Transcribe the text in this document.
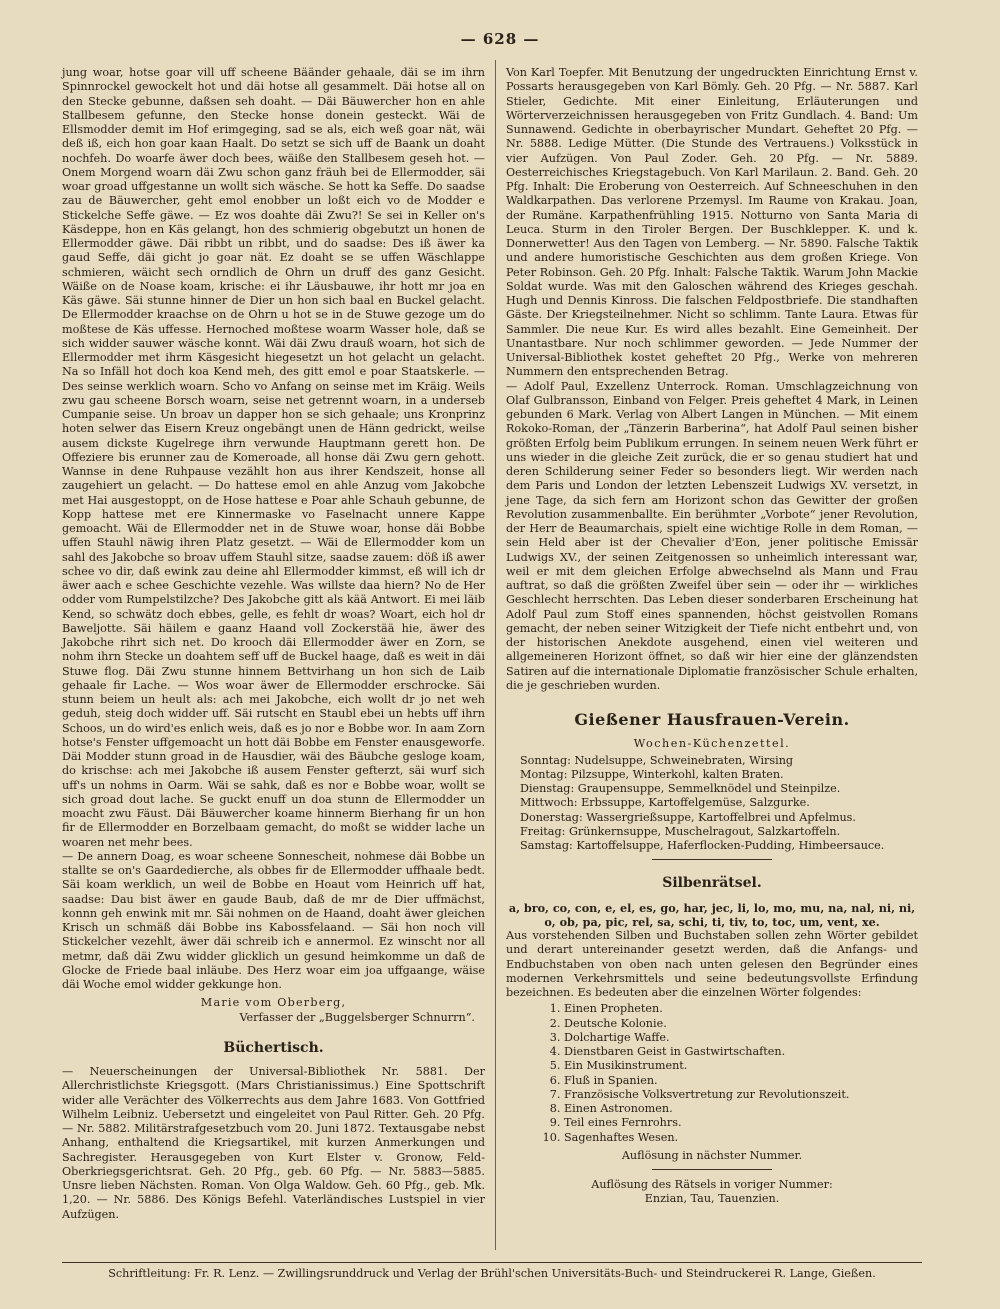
— 628 —

jung woar, hotse goar vill uff scheene Bäänder gehaale, däi se im ihrn Spinnrockel gewockelt hot und däi hotse all gesammelt. Däi hotse all on den Stecke gebunne, daßsen seh doaht. — Däi Bäuwercher hon en ahle Stallbesem gefunne, den Stecke honse donein gesteckt. Wäi de Ellsmodder demit im Hof erimgeging, sad se als, eich weß goar nät, wäi deß iß, eich hon goar kaan Haalt. Do setzt se sich uff de Baank un doaht nochfeh. Do woarfe äwer doch bees, wäiße den Stallbesem geseh hot. — Onem Morgend woarn däi Zwu schon ganz fräuh bei de Ellermodder, säi woar groad uffgestanne un wollt sich wäsche. Se hott ka Seffe. Do saadse zau de Bäuwercher, geht emol enobber un loßt eich vo de Modder e Stickelche Seffe gäwe. — Ez wos doahte däi Zwu?! Se sei in Keller on's Käsdeppe, hon en Käs gelangt, hon des schmierig obgebutzt un honen de Ellermodder gäwe. Däi ribbt un ribbt, und do saadse: Des iß äwer ka gaud Seffe, däi gicht jo goar nät. Ez doaht se se uffen Wäschlappe schmieren, wäicht sech orndlich de Ohrn un druff des ganz Gesicht. Wäiße on de Noase koam, krische: ei ihr Läusbauwe, ihr hott mr joa en Käs gäwe. Säi stunne hinner de Dier un hon sich baal en Buckel gelacht. De Ellermodder kraachse on de Ohrn u hot se in de Stuwe gezoge um do moßtese de Käs uffesse. Hernoched moßtese woarm Wasser hole, daß se sich widder sauwer wäsche konnt. Wäi däi Zwu drauß woarn, hot sich de Ellermodder met ihrm Käsgesicht hiegesetzt un hot gelacht un gelacht. Na so Infäll hot doch koa Kend meh, des gitt emol e poar Staatskerle. — Des seinse werklich woarn. Scho vo Anfang on seinse met im Kräig. Weils zwu gau scheene Borsch woarn, seise net getrennt woarn, in a underseb Cumpanie seise. Un broav un dapper hon se sich gehaale; uns Kronprinz hoten selwer das Eisern Kreuz ongebängt unen de Hänn gedrickt, weilse ausem dickste Kugelrege ihrn verwunde Hauptmann gerett hon. De Offeziere bis erunner zau de Komeroade, all honse däi Zwu gern gehott. Wannse in dene Ruhpause vezählt hon aus ihrer Kendszeit, honse all zaugehiert un gelacht. — Do hattese emol en ahle Anzug vom Jakobche met Hai ausgestoppt, on de Hose hattese e Poar ahle Schauh gebunne, de Kopp hattese met ere Kinnermaske vo Faselnacht unnere Kappe gemoacht. Wäi de Ellermodder net in de Stuwe woar, honse däi Bobbe uffen Stauhl näwig ihren Platz gesetzt. — Wäi de Ellermodder kom un sahl des Jakobche so broav uffem Stauhl sitze, saadse zauem: döß iß awer schee vo dir, daß ewink zau deine ahl Ellermodder kimmst, eß will ich dr äwer aach e schee Geschichte vezehle. Was willste daa hiern? No de Her odder vom Rumpelstilzche? Des Jakobche gitt als kää Antwort. Ei mei läib Kend, so schwätz doch ebbes, gelle, es fehlt dr woas? Woart, eich hol dr Baweljotte. Säi häilem e gaanz Haand voll Zockerstää hie, äwer des Jakobche rihrt sich net. Do krooch däi Ellermodder äwer en Zorn, se nohm ihrn Stecke un doahtem seff uff de Buckel haage, daß es weit in däi Stuwe flog. Däi Zwu stunne hinnem Bettvirhang un hon sich de Laib gehaale fir Lache. — Wos woar äwer de Ellermodder erschrocke. Säi stunn beiem un heult als: ach mei Jakobche, eich wollt dr jo net weh geduh, steig doch widder uff. Säi rutscht en Staubl ebei un hebts uff ihrn Schoos, un do wird'es enlich weis, daß es jo nor e Bobbe wor. In aam Zorn hotse's Fenster uffgemoacht un hott däi Bobbe em Fenster enausgeworfe. Däi Modder stunn groad in de Hausdier, wäi des Bäubche gesloge koam, do krischse: ach mei Jakobche iß ausem Fenster gefterzt, säi wurf sich uff's un nohms in Oarm. Wäi se sahk, daß es nor e Bobbe woar, wollt se sich groad dout lache. Se guckt enuff un doa stunn de Ellermodder un moacht zwu Fäust. Däi Bäuwercher koame hinnerm Bierhang fir un hon fir de Ellermodder en Borzelbaam gemacht, do moßt se widder lache un woaren net mehr bees.

— De annern Doag, es woar scheene Sonnescheit, nohmese däi Bobbe un stallte se on's Gaardedierche, als obbes fir de Ellermodder uffhaale bedt. Säi koam werklich, un weil de Bobbe en Hoaut vom Heinrich uff hat, saadse: Dau bist äwer en gaude Baub, daß de mr de Dier uffmächst, konnn geh enwink mit mr. Säi nohmen on de Haand, doaht äwer gleichen Krisch un schmäß däi Bobbe ins Kabossfelaand. — Säi hon noch vill Stickelcher vezehlt, äwer däi schreib ich e annermol. Ez winscht nor all metmr, daß däi Zwu widder glicklich un gesund heimkomme un daß de Glocke de Friede baal inläube. Des Herz woar eim joa uffgaange, wäise däi Woche emol widder gekkunge hon.

Marie vom Oberberg,
Verfasser der „Buggelsberger Schnurrn“.
Büchertisch.

— Neuerscheinungen der Universal-Bibliothek Nr. 5881. Der Allerchristlichste Kriegsgott. (Mars Christianissimus.) Eine Spottschrift wider alle Verächter des Völkerrechts aus dem Jahre 1683. Von Gottfried Wilhelm Leibniz. Uebersetzt und eingeleitet von Paul Ritter. Geh. 20 Pfg. — Nr. 5882. Militärstrafgesetzbuch vom 20. Juni 1872. Textausgabe nebst Anhang, enthaltend die Kriegsartikel, mit kurzen Anmerkungen und Sachregister. Herausgegeben von Kurt Elster v. Gronow, Feld-Oberkriegsgerichtsrat. Geh. 20 Pfg., geb. 60 Pfg. — Nr. 5883—5885. Unsre lieben Nächsten. Roman. Von Olga Waldow. Geh. 60 Pfg., geb. Mk. 1,20. — Nr. 5886. Des Königs Befehl. Vaterländisches Lustspiel in vier Aufzügen.

Von Karl Toepfer. Mit Benutzung der ungedruckten Einrichtung Ernst v. Possarts herausgegeben von Karl Bömly. Geh. 20 Pfg. — Nr. 5887. Karl Stieler, Gedichte. Mit einer Einleitung, Erläuterungen und Wörterverzeichnissen herausgegeben von Fritz Gundlach. 4. Band: Um Sunnawend. Gedichte in oberbayrischer Mundart. Geheftet 20 Pfg. — Nr. 5888. Ledige Mütter. (Die Stunde des Vertrauens.) Volksstück in vier Aufzügen. Von Paul Zoder. Geh. 20 Pfg. — Nr. 5889. Oesterreichisches Kriegstagebuch. Von Karl Marilaun. 2. Band. Geh. 20 Pfg. Inhalt: Die Eroberung von Oesterreich. Auf Schneeschuhen in den Waldkarpathen. Das verlorene Przemysl. Im Raume von Krakau. Joan, der Rumäne. Karpathenfrühling 1915. Notturno von Santa Maria di Leuca. Sturm in den Tiroler Bergen. Der Buschklepper. K. und k. Donnerwetter! Aus den Tagen von Lemberg. — Nr. 5890. Falsche Taktik und andere humoristische Geschichten aus dem großen Kriege. Von Peter Robinson. Geh. 20 Pfg. Inhalt: Falsche Taktik. Warum John Mackie Soldat wurde. Was mit den Galoschen während des Krieges geschah. Hugh und Dennis Kinross. Die falschen Feldpostbriefe. Die standhaften Gäste. Der Kriegsteilnehmer. Nicht so schlimm. Tante Laura. Etwas für Sammler. Die neue Kur. Es wird alles bezahlt. Eine Gemeinheit. Der Unantastbare. Nur noch schlimmer geworden. — Jede Nummer der Universal-Bibliothek kostet geheftet 20 Pfg., Werke von mehreren Nummern den entsprechenden Betrag.

— Adolf Paul, Exzellenz Unterrock. Roman. Umschlagzeichnung von Olaf Gulbransson, Einband von Felger. Preis geheftet 4 Mark, in Leinen gebunden 6 Mark. Verlag von Albert Langen in München. — Mit einem Rokoko-Roman, der „Tänzerin Barberina“, hat Adolf Paul seinen bisher größten Erfolg beim Publikum errungen. In seinem neuen Werk führt er uns wieder in die gleiche Zeit zurück, die er so genau studiert hat und deren Schilderung seiner Feder so besonders liegt. Wir werden nach dem Paris und London der letzten Lebenszeit Ludwigs XV. versetzt, in jene Tage, da sich fern am Horizont schon das Gewitter der großen Revolution zusammenballte. Ein berühmter „Vorbote“ jener Revolution, der Herr de Beaumarchais, spielt eine wichtige Rolle in dem Roman, — sein Held aber ist der Chevalier d'Eon, jener politische Emissär Ludwigs XV., der seinen Zeitgenossen so unheimlich interessant war, weil er mit dem gleichen Erfolge abwechselnd als Mann und Frau auftrat, so daß die größten Zweifel über sein — oder ihr — wirkliches Geschlecht herrschten. Das Leben dieser sonderbaren Erscheinung hat Adolf Paul zum Stoff eines spannenden, höchst geistvollen Romans gemacht, der neben seiner Witzigkeit der Tiefe nicht entbehrt und, von der historischen Anekdote ausgehend, einen viel weiteren und allgemeineren Horizont öffnet, so daß wir hier eine der glänzendsten Satiren auf die internationale Diplomatie französischer Schule erhalten, die je geschrieben wurden.

Gießener Hausfrauen-Verein.
Wochen-Küchenzettel.
Sonntag: Nudelsuppe, Schweinebraten, Wirsing
Montag: Pilzsuppe, Winterkohl, kalten Braten.
Dienstag: Graupensuppe, Semmelknödel und Steinpilze.
Mittwoch: Erbssuppe, Kartoffelgemüse, Salzgurke.
Donerstag: Wassergrießsuppe, Kartoffelbrei und Apfelmus.
Freitag: Grünkernsuppe, Muschelragout, Salzkartoffeln.
Samstag: Kartoffelsuppe, Haferflocken-Pudding, Himbeersauce.
Silbenrätsel.

a, bro, co, con, e, el, es, go, har, jec, li, lo, mo, mu, na, nal, ni, ni, o, ob, pa, pic, rel, sa, schi, ti, tiv, to, toc, um, vent, xe.

Aus vorstehenden Silben und Buchstaben sollen zehn Wörter gebildet und derart untereinander gesetzt werden, daß die Anfangs- und Endbuchstaben von oben nach unten gelesen den Begründer eines modernen Verkehrsmittels und seine bedeutungsvollste Erfindung bezeichnen. Es bedeuten aber die einzelnen Wörter folgendes:

1. Einen Propheten.
2. Deutsche Kolonie.
3. Dolchartige Waffe.
4. Dienstbaren Geist in Gastwirtschaften.
5. Ein Musikinstrument.
6. Fluß in Spanien.
7. Französische Volksvertretung zur Revolutionszeit.
8. Einen Astronomen.
9. Teil eines Fernrohrs.
10. Sagenhaftes Wesen.
Auflösung in nächster Nummer.
Auflösung des Rätsels in voriger Nummer:
Enzian, Tau, Tauenzien.
Schriftleitung: Fr. R. Lenz. — Zwillingsrunddruck und Verlag der Brühl'schen Universitäts-Buch- und Steindruckerei R. Lange, Gießen.
